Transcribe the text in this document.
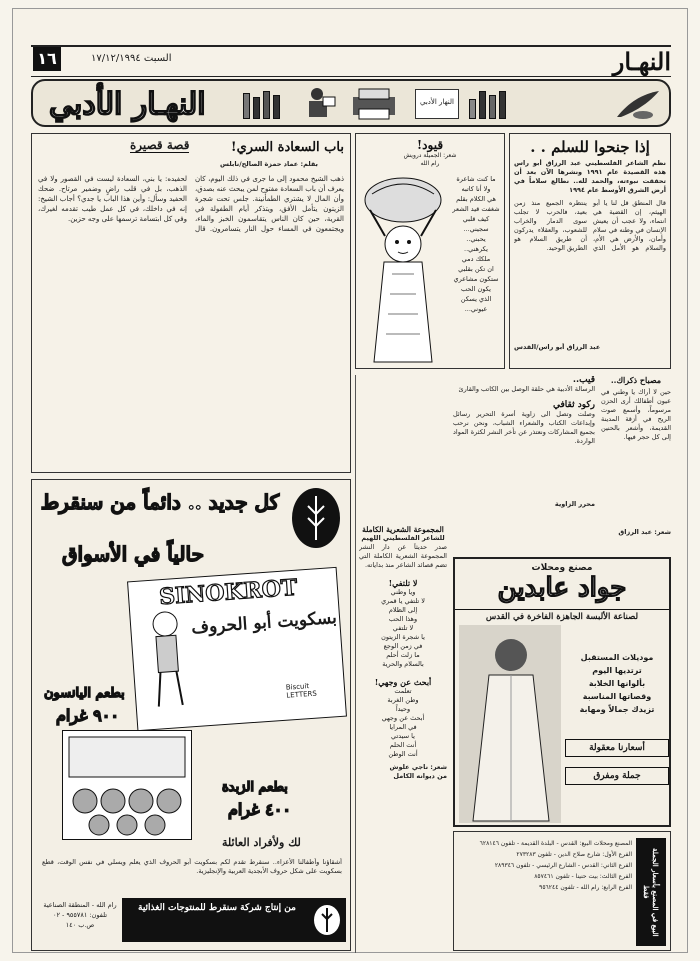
النهـار
السبت ١٧/١٢/١٩٩٤
١٦
النهـار الأدبي	النهار الأدبي
إذا جنحوا للسلم . .
نظم الشاعر الفلسطيني عبد الرزاق أبو راس هذه القصيدة عام ١٩٩١ ونشرها الآن بعد أن تحققت نبوءته، والحمد لله.. نطالع سلاماً في أرض الشرق الأوسط عام ١٩٩٤
قال المنطق قل لنا يا أبو الهيثم، إن القضية هي انتماء، ولا عجب أن يعيش الإنسان في وطنه في سلام وأمان، والأرض هي الأم، والسلام هو الأمل الذي ينتظره الجميع منذ زمن بعيد، فالحرب لا تجلب سوى الدمار والخراب للشعوب، والعقلاء يدركون أن طريق السلام هو الطريق الوحيد.
عبد الرزاق أبو راس/القدس
قيود!
شعر: الجميلة درويش
رام الله
ما كنت شاعرة
ولا أنا كاتبه
هي الكلام بقلم
شغفت قيد الشعر
كيف قلبي
سجيني...
يحبني..
يكرهني..
ملكك دمي
ان تكن بقلبي
ستكون مشاعري
يكون الحب
الذي يسكن
عيوني...
قصة قصيرة	باب السعادة السري!
بقلم: عماد حمزة الصالح/نابلس
ذهب الشيخ محمود إلى ما جرى في ذلك اليوم، كان يعرف أن باب السعادة مفتوح لمن يبحث عنه بصدق، وأن المال لا يشتري الطمأنينة. جلس تحت شجرة الزيتون يتأمل الأفق، ويتذكر أيام الطفولة في القرية، حين كان الناس يتقاسمون الخبز والماء، ويجتمعون في المساء حول النار يتسامرون. قال لحفيده: يا بني، السعادة ليست في القصور ولا في الذهب، بل في قلب راضٍ وضمير مرتاح. ضحك الحفيد وسأل: وأين هذا الباب يا جدي؟ أجاب الشيخ: إنه في داخلك، في كل عمل طيب تقدمه لغيرك، وفي كل ابتسامة ترسمها على وجه حزين.
مصباح ذكراك..
حين لا أراك يا وطني في عيون أطفالك أرى الحزن مرسوماً، وأسمع صوت الريح في أزقة المدينة القديمة، وأشعر بالحنين إلى كل حجر فيها.
شعر: عبد الرزاق
قيب..
الرسالة الأدبية هي حلقة الوصل بين الكاتب والقارئ
ركود ثقافي
وصلت وتصل الى زاوية أسرة التحرير رسائل وإبداعات الكتاب والشعراء الشباب، ونحن نرحب بجميع المشاركات ونعتذر عن تأخر النشر لكثرة المواد الواردة.
محرر الزاوية
المجموعة الشعرية الكاملة
للشاعر الفلسطيني اللهيم
صدر حديثاً عن دار النشر المجموعة الشعرية الكاملة التي تضم قصائد الشاعر منذ بداياته.
لا تلتفي!
ويا وطني
لا تلتفي يا قمري
إلى الظلام
وهذا الحب
لا تلتفي
يا شجرة الزيتون
في زمن الوجع
ما زلت أحلم
بالسلام والحرية
أبحث عن وجهي!
تعلمت
وطن الغربة
وحيداً
أبحث عن وجهي
في المرايا
يا سيدتي
أنت الحلم
أنت الوطن
شعر: ناجي علوش
من ديوانه الكامل
كل جديد .. دائماً من سنقرط
حالياً في الأسواق
SINOKROT
بسكويت أبو الحروف
Biscuit LETTERS
بطعم اليانسون
٩٠٠ غرام
بطعم الزبدة
٤٠٠ غرام
لك ولأفراد العائلة
أشقاؤنا وأطفالنا الأعزاء.. سنقرط تقدم لكم بسكويت أبو الحروف الذي يعلم ويسلي في نفس الوقت، قطع بسكويت على شكل حروف الأبجدية العربية والإنجليزية.
من إنتاج شركة سنقرط للمنتوجات الغذائية
رام الله - المنطقة الصناعية
تلفون: ٩٥٥٧٨١ - ٠٢
ص.ب ١٤٠
مصنع ومحلات
جواد عابدين
لصناعة الألبسة الجاهزة الفاخرة في القدس
موديلات المستقبل
ترتديها اليوم
بألوانها الخلابة
وقصاتها المناسبة
تزيدك جمالاً ومهابة
أسعارنا معقولة
جملة ومفرق
البيع في المصنع بأسعار الجملة فقط
المصنع ومحلات البيع: القدس - البلدة القديمة - تلفون ٦٢٨١٤٦
الفرع الأول: شارع صلاح الدين - تلفون ٢٧٣٢٨٣
الفرع الثاني: القدس - الشارع الرئيسي - تلفون ٢٨٩٣٤٦
الفرع الثالث: بيت حنينا - تلفون ٨٥٧٤٦١
الفرع الرابع: رام الله - تلفون ٩٥٦٢٤٤
